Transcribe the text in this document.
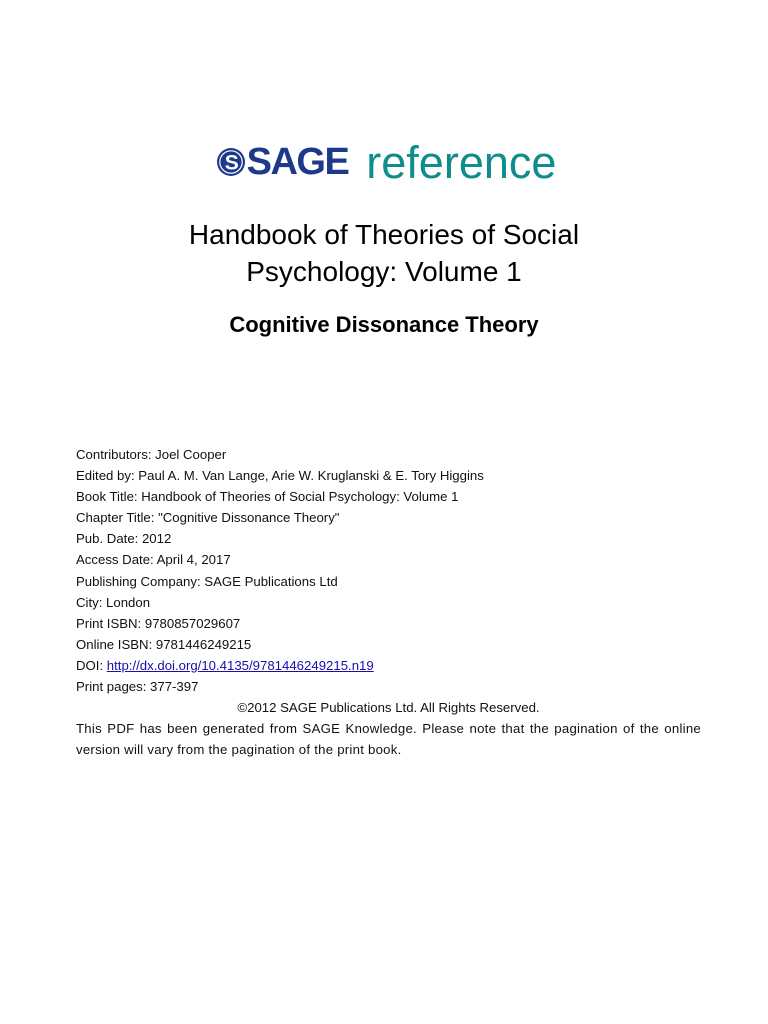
S SAGE reference
Handbook of Theories of Social
Psychology: Volume 1
Cognitive Dissonance Theory
Contributors: Joel Cooper
Edited by: Paul A. M. Van Lange, Arie W. Kruglanski & E. Tory Higgins
Book Title: Handbook of Theories of Social Psychology: Volume 1
Chapter Title: "Cognitive Dissonance Theory"
Pub. Date: 2012
Access Date: April 4, 2017
Publishing Company: SAGE Publications Ltd
City: London
Print ISBN: 9780857029607
Online ISBN: 9781446249215
DOI: http://dx.doi.org/10.4135/9781446249215.n19
Print pages: 377-397
©2012 SAGE Publications Ltd. All Rights Reserved.
This PDF has been generated from SAGE Knowledge. Please note that the pagination of the online version will vary from the pagination of the print book.
